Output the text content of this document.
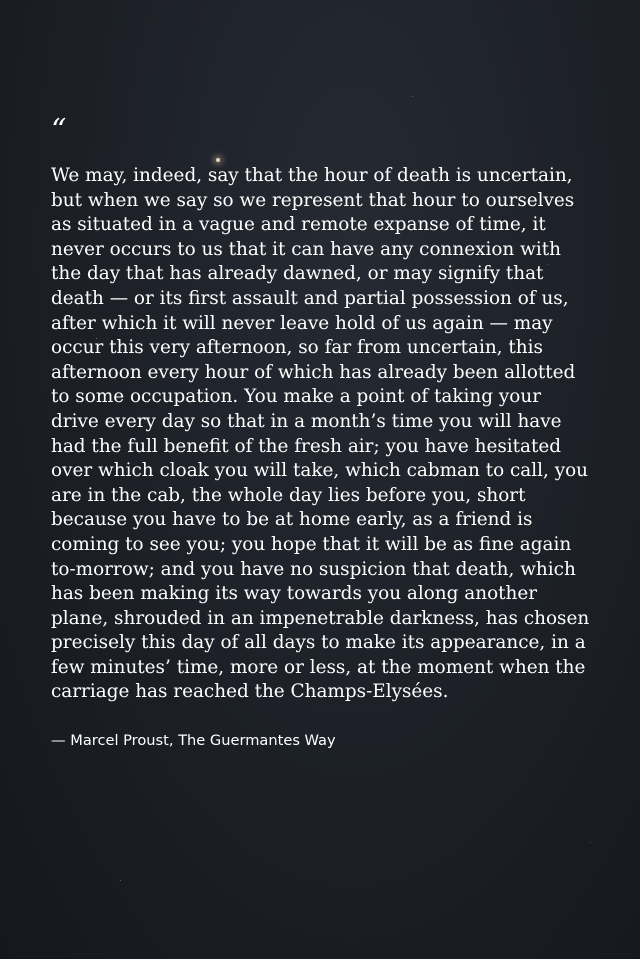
“

We may, indeed, say that the hour of death is uncertain, but when we say so we represent that hour to ourselves as situated in a vague and remote expanse of time, it never occurs to us that it can have any connexion with the day that has already dawned, or may signify that death — or its first assault and partial possession of us, after which it will never leave hold of us again — may occur this very afternoon, so far from uncertain, this afternoon every hour of which has already been allotted to some occupation. You make a point of taking your drive every day so that in a month’s time you will have had the full benefit of the fresh air; you have hesitated over which cloak you will take, which cabman to call, you are in the cab, the whole day lies before you, short because you have to be at home early, as a friend is coming to see you; you hope that it will be as fine again to-morrow; and you have no suspicion that death, which has been making its way towards you along another plane, shrouded in an impenetrable darkness, has chosen precisely this day of all days to make its appearance, in a few minutes’ time, more or less, at the moment when the carriage has reached the Champs-Elysées.

— Marcel Proust, The Guermantes Way
